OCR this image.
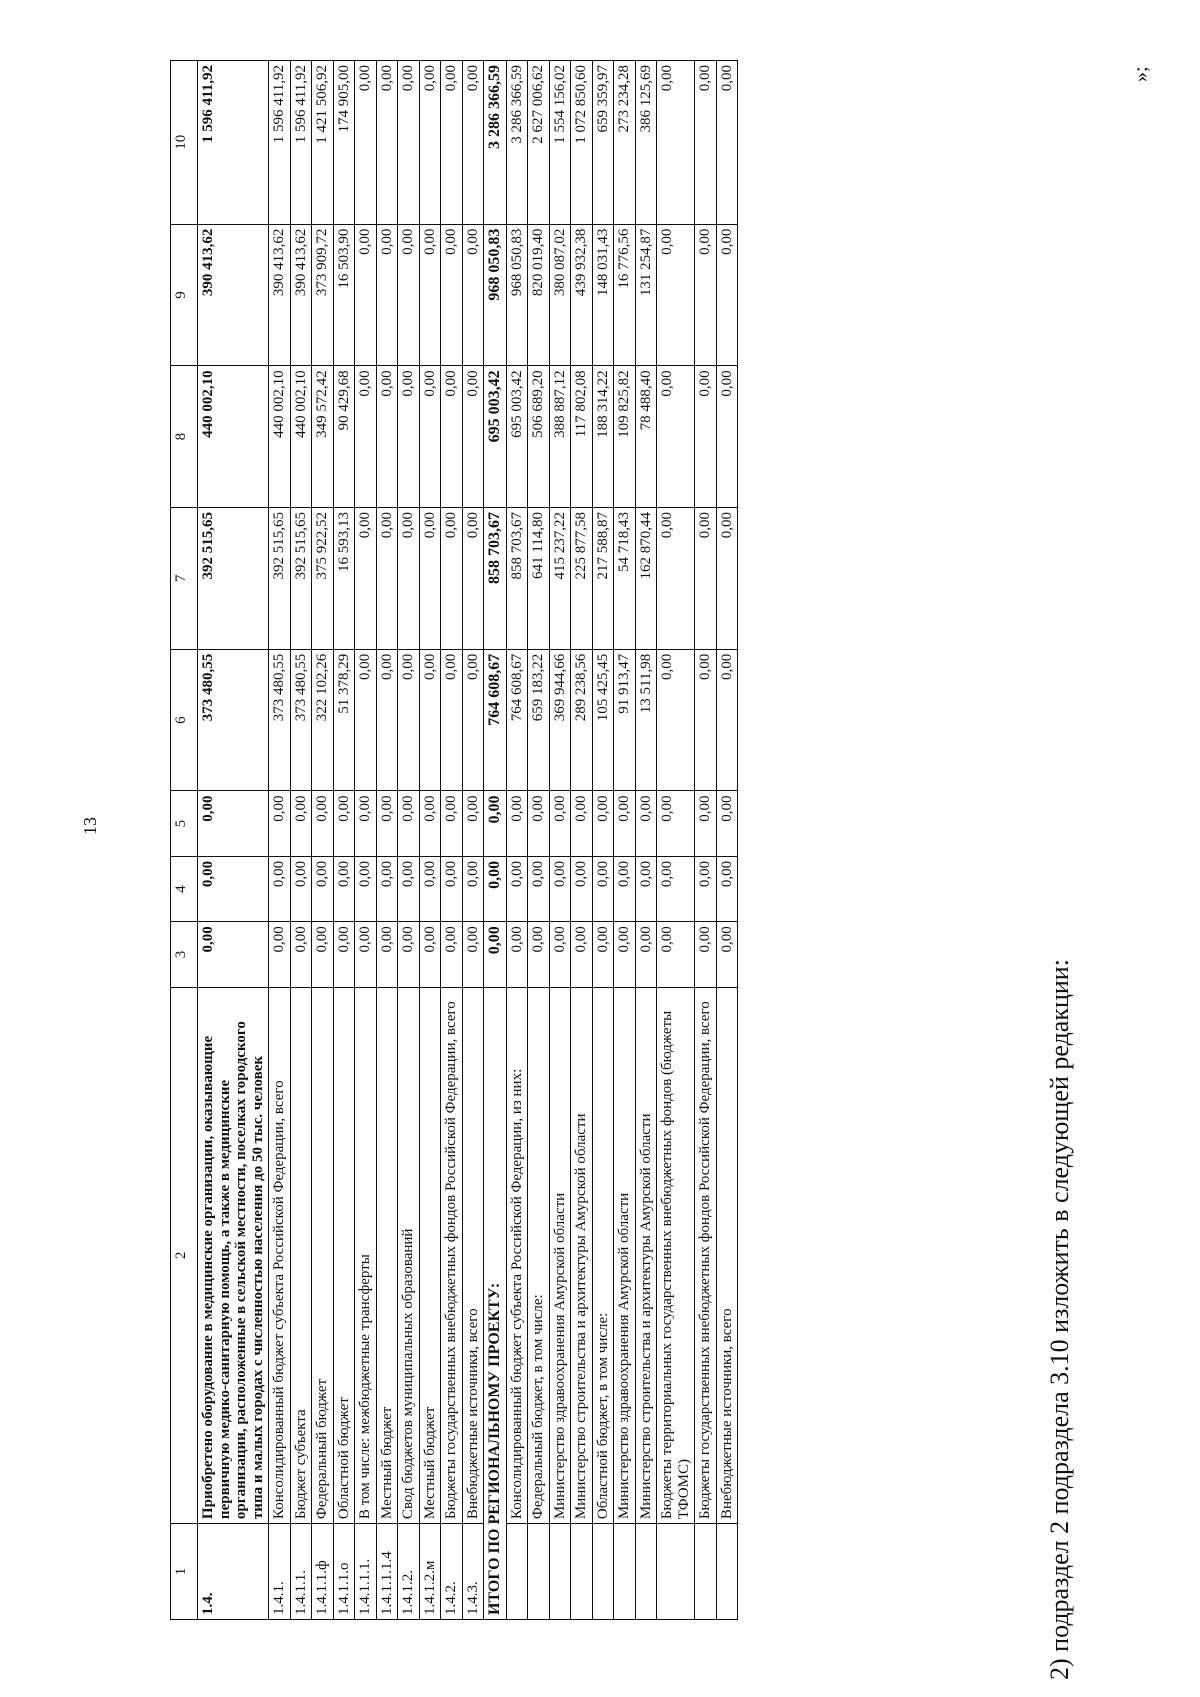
13
1	2	3	4	5	6	7	8	9	10
1.4.	Приобретено оборудование в медицинские организации, оказывающие первичную медико-санитарную помощь, а также в медицинские организации, расположенные в сельской местности, поселках городского типа и малых городах с численностью населения до 50 тыс. человек	0,00	0,00	0,00	373 480,55	392 515,65	440 002,10	390 413,62	1 596 411,92
1.4.1.	Консолидированный бюджет субъекта Российской Федерации, всего	0,00	0,00	0,00	373 480,55	392 515,65	440 002,10	390 413,62	1 596 411,92
1.4.1.1.	Бюджет субъекта	0,00	0,00	0,00	373 480,55	392 515,65	440 002,10	390 413,62	1 596 411,92
1.4.1.1.ф	Федеральный бюджет	0,00	0,00	0,00	322 102,26	375 922,52	349 572,42	373 909,72	1 421 506,92
1.4.1.1.о	Областной бюджет	0,00	0,00	0,00	51 378,29	16 593,13	90 429,68	16 503,90	174 905,00
1.4.1.1.1.	В том числе: межбюджетные трансферты	0,00	0,00	0,00	0,00	0,00	0,00	0,00	0,00
1.4.1.1.1.4	Местный бюджет	0,00	0,00	0,00	0,00	0,00	0,00	0,00	0,00
1.4.1.2.	Свод бюджетов муниципальных образований	0,00	0,00	0,00	0,00	0,00	0,00	0,00	0,00
1.4.1.2.м	Местный бюджет	0,00	0,00	0,00	0,00	0,00	0,00	0,00	0,00
1.4.2.	Бюджеты государственных внебюджетных фондов Российской Федерации, всего	0,00	0,00	0,00	0,00	0,00	0,00	0,00	0,00
1.4.3.	Внебюджетные источники, всего	0,00	0,00	0,00	0,00	0,00	0,00	0,00	0,00
ИТОГО ПО РЕГИОНАЛЬНОМУ ПРОЕКТУ:		0,00	0,00	0,00	764 608,67	858 703,67	695 003,42	968 050,83	3 286 366,59
	Консолидированный бюджет субъекта Российской Федерации, из них:	0,00	0,00	0,00	764 608,67	858 703,67	695 003,42	968 050,83	3 286 366,59
	Федеральный бюджет, в том числе:	0,00	0,00	0,00	659 183,22	641 114,80	506 689,20	820 019,40	2 627 006,62
	Министерство здравоохранения Амурской области	0,00	0,00	0,00	369 944,66	415 237,22	388 887,12	380 087,02	1 554 156,02
	Министерство строительства и архитектуры Амурской области	0,00	0,00	0,00	289 238,56	225 877,58	117 802,08	439 932,38	1 072 850,60
	Областной бюджет, в том числе:	0,00	0,00	0,00	105 425,45	217 588,87	188 314,22	148 031,43	659 359,97
	Министерство здравоохранения Амурской области	0,00	0,00	0,00	91 913,47	54 718,43	109 825,82	16 776,56	273 234,28
	Министерство строительства и архитектуры Амурской области	0,00	0,00	0,00	13 511,98	162 870,44	78 488,40	131 254,87	386 125,69
	Бюджеты территориальных государственных внебюджетных фондов (бюджеты ТФОМС)	0,00	0,00	0,00	0,00	0,00	0,00	0,00	0,00
	Бюджеты государственных внебюджетных фондов Российской Федерации, всего	0,00	0,00	0,00	0,00	0,00	0,00	0,00	0,00
	Внебюджетные источники, всего	0,00	0,00	0,00	0,00	0,00	0,00	0,00	0,00	»;
2) подраздел 2 подраздела 3.10 изложить в следующей редакции:
